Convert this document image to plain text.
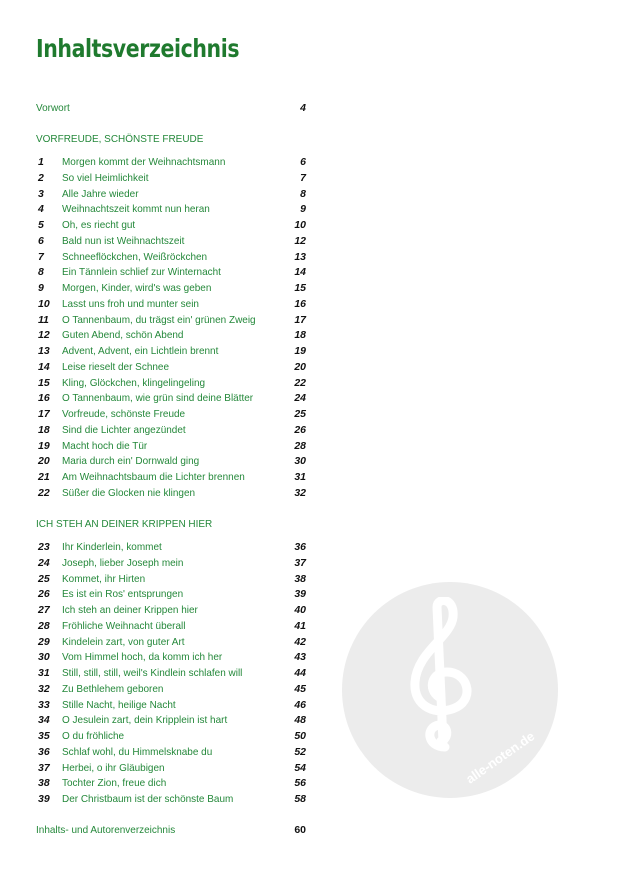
alle-noten.de
Inhaltsverzeichnis
Vorwort	4
VORFREUDE, SCHÖNSTE FREUDE
1	Morgen kommt der Weihnachtsmann	6
2	So viel Heimlichkeit	7
3	Alle Jahre wieder	8
4	Weihnachtszeit kommt nun heran	9
5	Oh, es riecht gut	10
6	Bald nun ist Weihnachtszeit	12
7	Schneeflöckchen, Weißröckchen	13
8	Ein Tännlein schlief zur Winternacht	14
9	Morgen, Kinder, wird's was geben	15
10	Lasst uns froh und munter sein	16
11	O Tannenbaum, du trägst ein' grünen Zweig	17
12	Guten Abend, schön Abend	18
13	Advent, Advent, ein Lichtlein brennt	19
14	Leise rieselt der Schnee	20
15	Kling, Glöckchen, klingelingeling	22
16	O Tannenbaum, wie grün sind deine Blätter	24
17	Vorfreude, schönste Freude	25
18	Sind die Lichter angezündet	26
19	Macht hoch die Tür	28
20	Maria durch ein' Dornwald ging	30
21	Am Weihnachtsbaum die Lichter brennen	31
22	Süßer die Glocken nie klingen	32
ICH STEH AN DEINER KRIPPEN HIER
23	Ihr Kinderlein, kommet	36
24	Joseph, lieber Joseph mein	37
25	Kommet, ihr Hirten	38
26	Es ist ein Ros' entsprungen	39
27	Ich steh an deiner Krippen hier	40
28	Fröhliche Weihnacht überall	41
29	Kindelein zart, von guter Art	42
30	Vom Himmel hoch, da komm ich her	43
31	Still, still, still, weil's Kindlein schlafen will	44
32	Zu Bethlehem geboren	45
33	Stille Nacht, heilige Nacht	46
34	O Jesulein zart, dein Kripplein ist hart	48
35	O du fröhliche	50
36	Schlaf wohl, du Himmelsknabe du	52
37	Herbei, o ihr Gläubigen	54
38	Tochter Zion, freue dich	56
39	Der Christbaum ist der schönste Baum	58
Inhalts- und Autorenverzeichnis	60
